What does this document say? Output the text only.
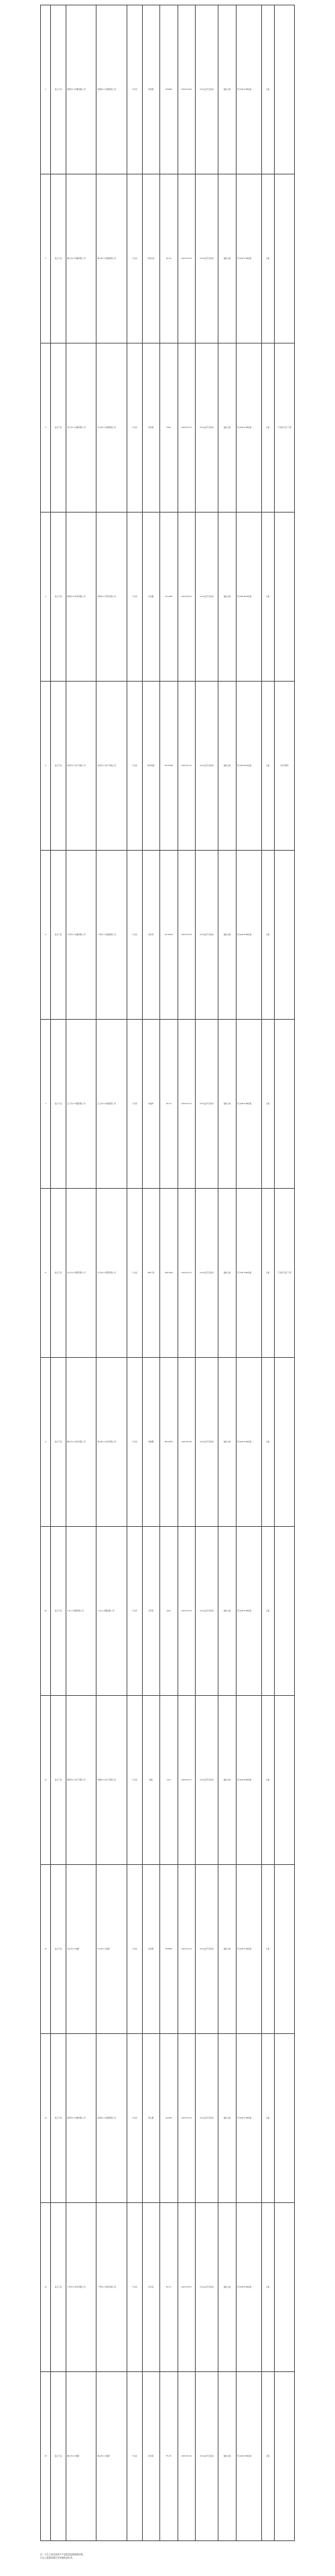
1	接入产品	珠海市××电器有限公司	珠海市××电器有限公司	广东省	电饭锅	CFXB40	2023-04-06	CCC认证号及标识	抽检合格	符合GB 4706标准	合格	
2	接入产品	佛山市××电器有限公司	佛山市××电器有限公司	广东省	电热水壶	SH-15	2023-03-18	CCC认证号及标识	抽检合格	符合GB 4706标准	合格	
3	接入产品	中山市××电器有限公司	中山市××电器有限公司	广东省	电风扇	FS40	2023-02-10	CCC认证号及标识	抽检合格	符合GB 4706标准	合格	不合格产品已下架
4	接入产品	深圳市××科技有限公司	深圳市××科技有限公司	广东省	充电器	CD-20W	2023-05-02	CCC认证号及标识	抽检合格	符合GB 4943标准	合格	
5	接入产品	东莞市××电子有限公司	东莞市××电子有限公司	广东省	移动电源	YD-10000	2023-01-22	CCC认证号及标识	抽检合格	符合GB 4943标准	合格	已责令整改
6	接入产品	广州市××电器有限公司	广州市××电器有限公司	广东省	电吹风	DC-1800	2023-03-29	CCC认证号及标识	抽检合格	符合GB 4706标准	合格	
7	接入产品	江门市××电器有限公司	江门市××电器有限公司	广东省	电磁炉	DC-21	2023-02-27	CCC认证号及标识	抽检合格	符合GB 4706标准	合格	
8	接入产品	中山市××照明有限公司	中山市××照明有限公司	广东省	LED灯具	LED-18W	2023-04-15	CCC认证号及标识	抽检合格	符合GB 7000标准	合格	不合格产品已下架
9	接入产品	佛山市××家电有限公司	佛山市××家电有限公司	广东省	电暖器	NQ-2000	2023-01-08	CCC认证号及标识	抽检合格	符合GB 4706标准	合格	
10	接入产品	广东××电器有限公司	广东××电器有限公司	广东省	豆浆机	DJ12	2023-03-03	CCC认证号及标识	抽检合格	符合GB 4706标准	合格	
11	接入产品	珠海市××电子有限公司	珠海市××电子有限公司	广东省	插座	CZ-3	2023-05-11	CCC认证号及标识	抽检合格	符合GB 2099标准	合格	
12	接入产品	中山市××电器厂	中山市××电器厂	广东省	电饭煲	CFXB50	2023-02-19	CCC认证号及标识	抽检合格	符合GB 4706标准	合格	
13	接入产品	深圳市××电器有限公司	深圳市××电器有限公司	广东省	吸尘器	XC-600	2023-04-24	CCC认证号及标识	抽检合格	符合GB 4706标准	合格	
14	接入产品	广州市××科技有限公司	广州市××科技有限公司	广东省	电水壶	SH-17	2023-03-07	CCC认证号及标识	抽检合格	符合GB 4706标准	合格	
15	接入产品	佛山市××电器厂	佛山市××电器厂	广东省	电风扇	FS-35	2023-01-30	CCC认证号及标识	抽检合格	符合GB 4706标准	合格	
注：1.以上信息来源于产品质量监督抽查结果。
2.以上抽查结果仅对所抽样品负责。
